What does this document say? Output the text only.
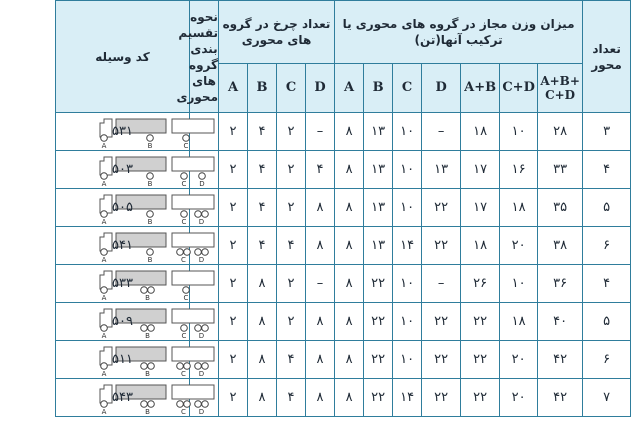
تعداد محور	میزان وزن مجاز در گروه های محوری یا ترکیب آنها(تن)							تعداد چرخ در گروه های محوری				نحوه تقسیم بندی گروه های محوری	کد وسیله
	A+B+C+D	C+D	A+B	D	C	B	A	D	C	B	A		
۳	۲۸	۱۰	۱۸	–	۱۰	۱۳	۸	–	۲	۴	۲	A B C	۵۳۱
۴	۳۳	۱۶	۱۷	۱۳	۱۰	۱۳	۸	۴	۲	۴	۲	A B C D	۵۰۳
۵	۳۵	۱۸	۱۷	۲۲	۱۰	۱۳	۸	۸	۲	۴	۲	A B C D	۵۰۵
۶	۳۸	۲۰	۱۸	۲۲	۱۴	۱۳	۸	۸	۴	۴	۲	A B C D	۵۴۱
۴	۳۶	۱۰	۲۶	–	۱۰	۲۲	۸	–	۲	۸	۲	A B C	۵۳۳
۵	۴۰	۱۸	۲۲	۲۲	۱۰	۲۲	۸	۸	۲	۸	۲	A B C D	۵۰۹
۶	۴۲	۲۰	۲۲	۲۲	۱۰	۲۲	۸	۸	۴	۸	۲	A B C D	۵۱۱
۷	۴۲	۲۰	۲۲	۲۲	۱۴	۲۲	۸	۸	۴	۸	۲	A B C D	۵۴۳
